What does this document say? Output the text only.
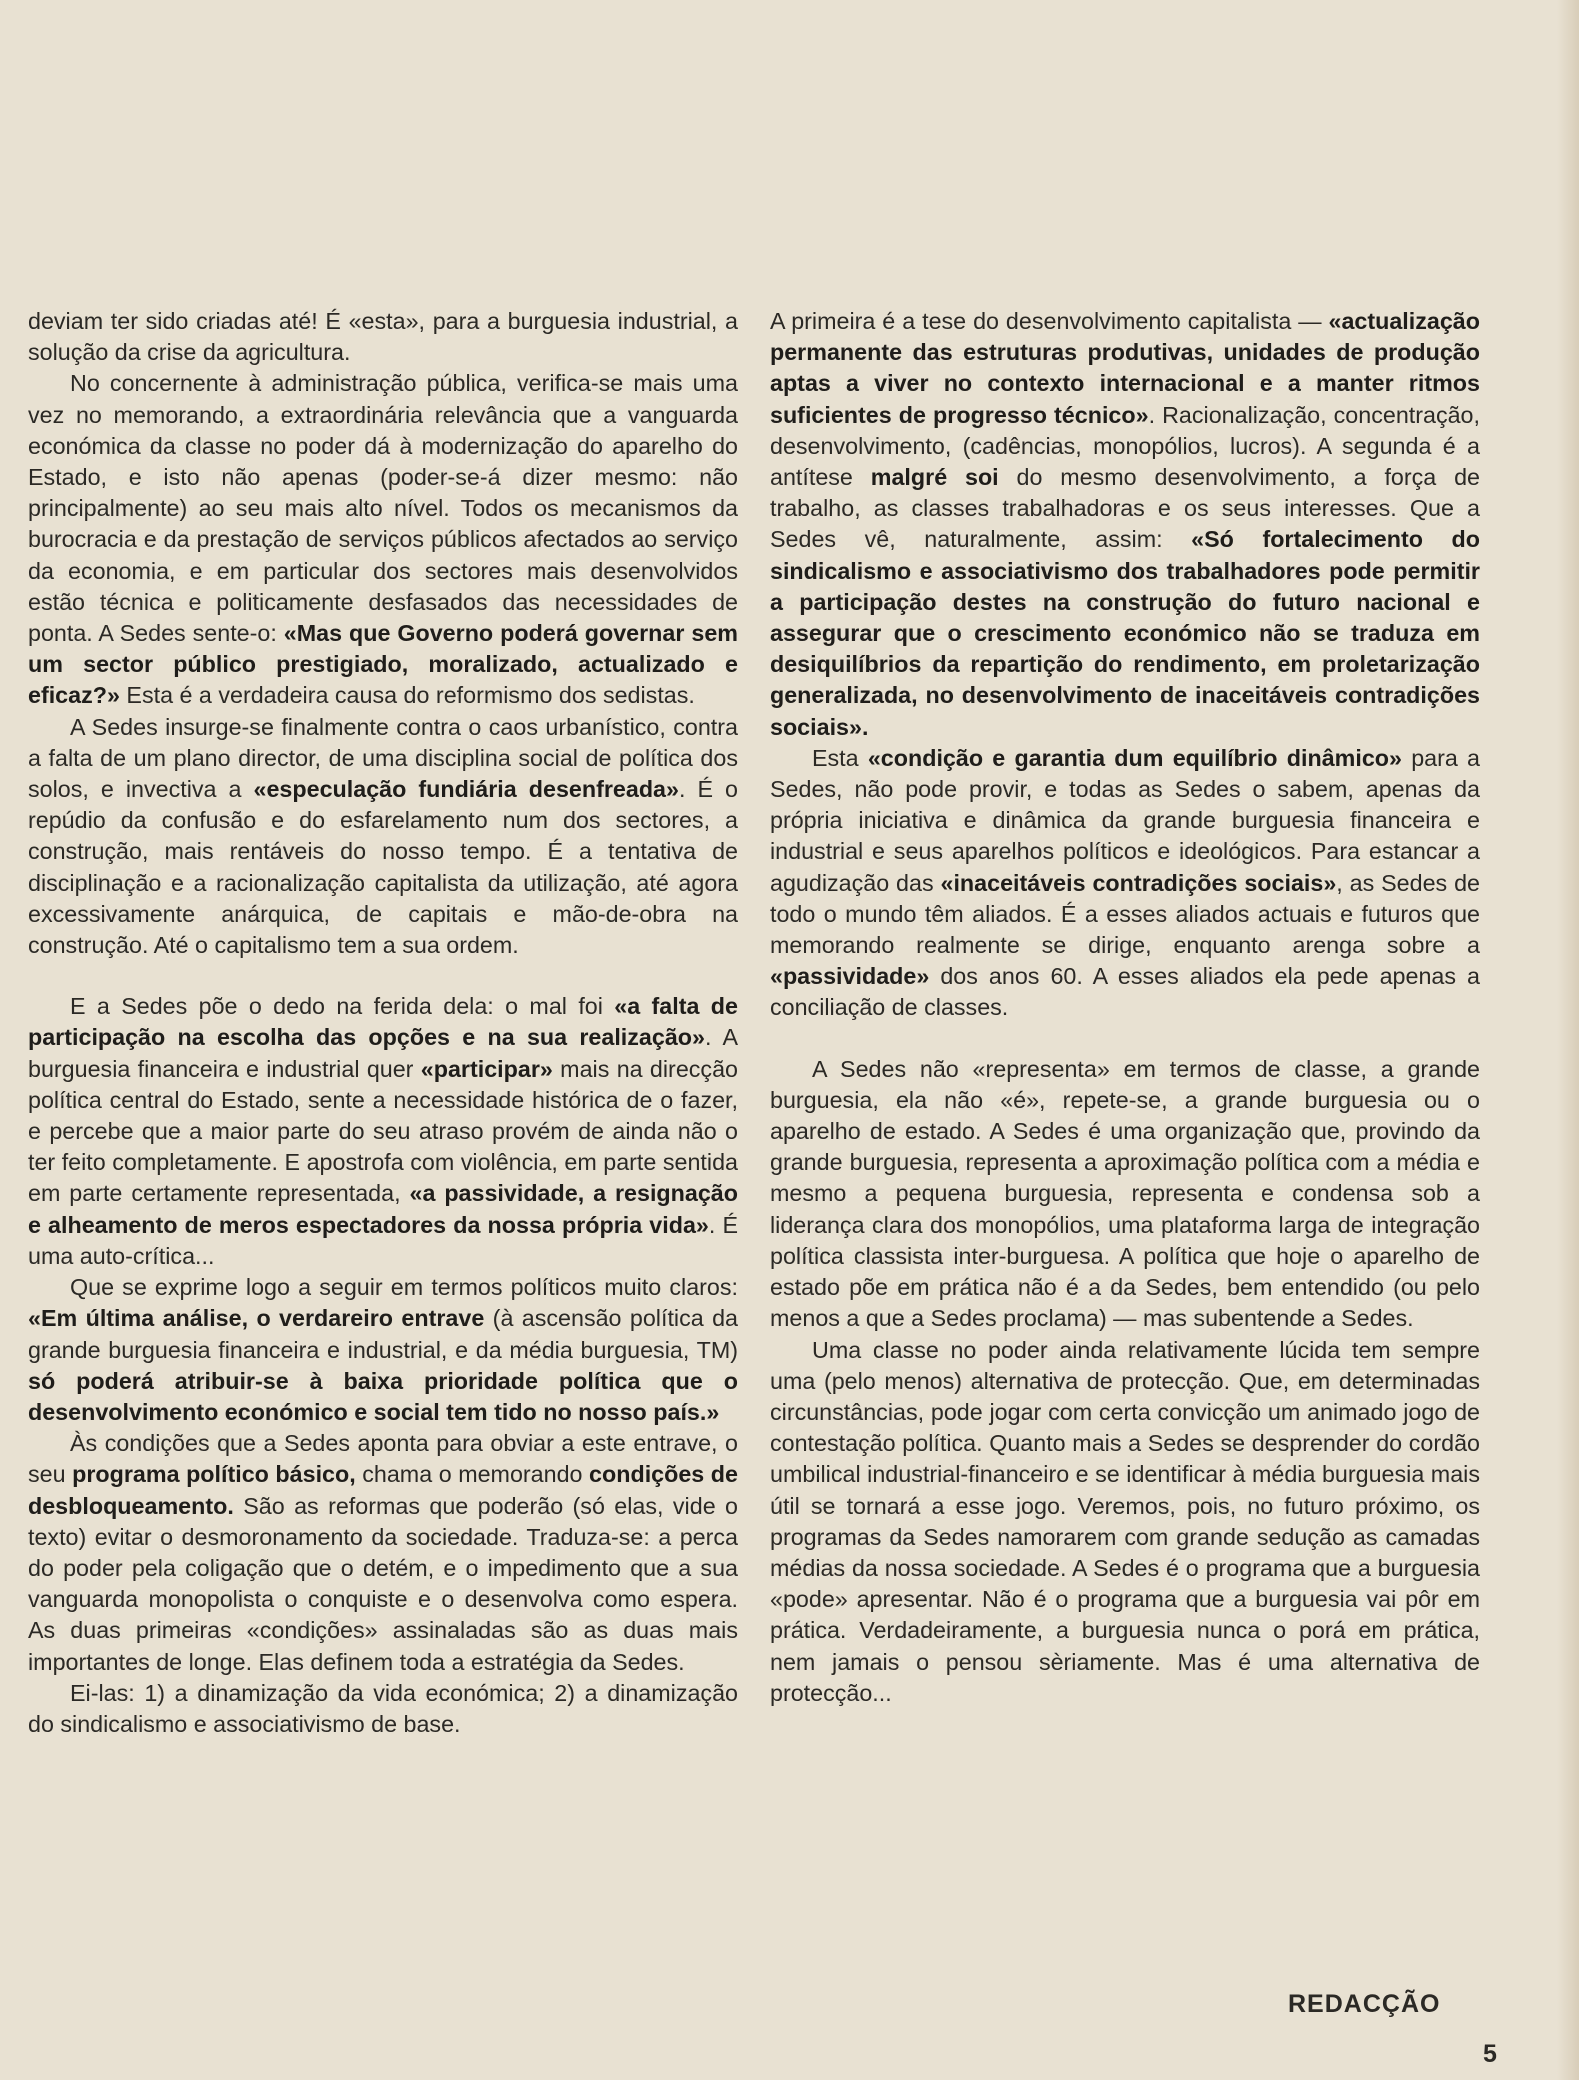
deviam ter sido criadas até! É «esta», para a burguesia industrial, a solução da crise da agricultura.

No concernente à administração pública, verifica-se mais uma vez no memorando, a extraordinária relevância que a vanguarda económica da classe no poder dá à modernização do aparelho do Estado, e isto não apenas (poder-se-á dizer mesmo: não principalmente) ao seu mais alto nível. Todos os mecanismos da burocracia e da prestação de serviços públicos afectados ao serviço da economia, e em particular dos sectores mais desenvolvidos estão técnica e politicamente desfasados das necessidades de ponta. A Sedes sente-o: «Mas que Governo poderá governar sem um sector público prestigiado, moralizado, actualizado e eficaz?» Esta é a verdadeira causa do reformismo dos sedistas.

A Sedes insurge-se finalmente contra o caos urbanístico, contra a falta de um plano director, de uma disciplina social de política dos solos, e invectiva a «especulação fundiária desenfreada». É o repúdio da confusão e do esfarelamento num dos sectores, a construção, mais rentáveis do nosso tempo. É a tentativa de disciplinação e a racionalização capitalista da utilização, até agora excessivamente anárquica, de capitais e mão-de-obra na construção. Até o capitalismo tem a sua ordem.

E a Sedes põe o dedo na ferida dela: o mal foi «a falta de participação na escolha das opções e na sua realização». A burguesia financeira e industrial quer «participar» mais na direcção política central do Estado, sente a necessidade histórica de o fazer, e percebe que a maior parte do seu atraso provém de ainda não o ter feito completamente. E apostrofa com violência, em parte sentida em parte certamente representada, «a passividade, a resignação e alheamento de meros espectadores da nossa própria vida». É uma auto-crítica...

Que se exprime logo a seguir em termos políticos muito claros: «Em última análise, o verdareiro entrave (à ascensão política da grande burguesia financeira e industrial, e da média burguesia, TM) só poderá atribuir-se à baixa prioridade política que o desenvolvimento económico e social tem tido no nosso país.»

Às condições que a Sedes aponta para obviar a este entrave, o seu programa político básico, chama o memorando condições de desbloqueamento. São as reformas que poderão (só elas, vide o texto) evitar o desmoronamento da sociedade. Traduza-se: a perca do poder pela coligação que o detém, e o impedimento que a sua vanguarda monopolista o conquiste e o desenvolva como espera. As duas primeiras «condições» assinaladas são as duas mais importantes de longe. Elas definem toda a estratégia da Sedes.

Ei-las: 1) a dinamização da vida económica; 2) a dinamização do sindicalismo e associativismo de base.

A primeira é a tese do desenvolvimento capitalista — «actualização permanente das estruturas produtivas, unidades de produção aptas a viver no contexto internacional e a manter ritmos suficientes de progresso técnico». Racionalização, concentração, desenvolvimento, (cadências, monopólios, lucros). A segunda é a antítese malgré soi do mesmo desenvolvimento, a força de trabalho, as classes trabalhadoras e os seus interesses. Que a Sedes vê, naturalmente, assim: «Só fortalecimento do sindicalismo e associativismo dos trabalhadores pode permitir a participação destes na construção do futuro nacional e assegurar que o crescimento económico não se traduza em desiquilíbrios da repartição do rendimento, em proletarização generalizada, no desenvolvimento de inaceitáveis contradições sociais».

Esta «condição e garantia dum equilíbrio dinâmico» para a Sedes, não pode provir, e todas as Sedes o sabem, apenas da própria iniciativa e dinâmica da grande burguesia financeira e industrial e seus aparelhos políticos e ideológicos. Para estancar a agudização das «inaceitáveis contradições sociais», as Sedes de todo o mundo têm aliados. É a esses aliados actuais e futuros que memorando realmente se dirige, enquanto arenga sobre a «passividade» dos anos 60. A esses aliados ela pede apenas a conciliação de classes.

A Sedes não «representa» em termos de classe, a grande burguesia, ela não «é», repete-se, a grande burguesia ou o aparelho de estado. A Sedes é uma organização que, provindo da grande burguesia, representa a aproximação política com a média e mesmo a pequena burguesia, representa e condensa sob a liderança clara dos monopólios, uma plataforma larga de integração política classista inter-burguesa. A política que hoje o aparelho de estado põe em prática não é a da Sedes, bem entendido (ou pelo menos a que a Sedes proclama) — mas subentende a Sedes.

Uma classe no poder ainda relativamente lúcida tem sempre uma (pelo menos) alternativa de protecção. Que, em determinadas circunstâncias, pode jogar com certa convicção um animado jogo de contestação política. Quanto mais a Sedes se desprender do cordão umbilical industrial-financeiro e se identificar à média burguesia mais útil se tornará a esse jogo. Veremos, pois, no futuro próximo, os programas da Sedes namorarem com grande sedução as camadas médias da nossa sociedade. A Sedes é o programa que a burguesia «pode» apresentar. Não é o programa que a burguesia vai pôr em prática. Verdadeiramente, a burguesia nunca o porá em prática, nem jamais o pensou sèriamente. Mas é uma alternativa de protecção...

REDACÇÃO
5
